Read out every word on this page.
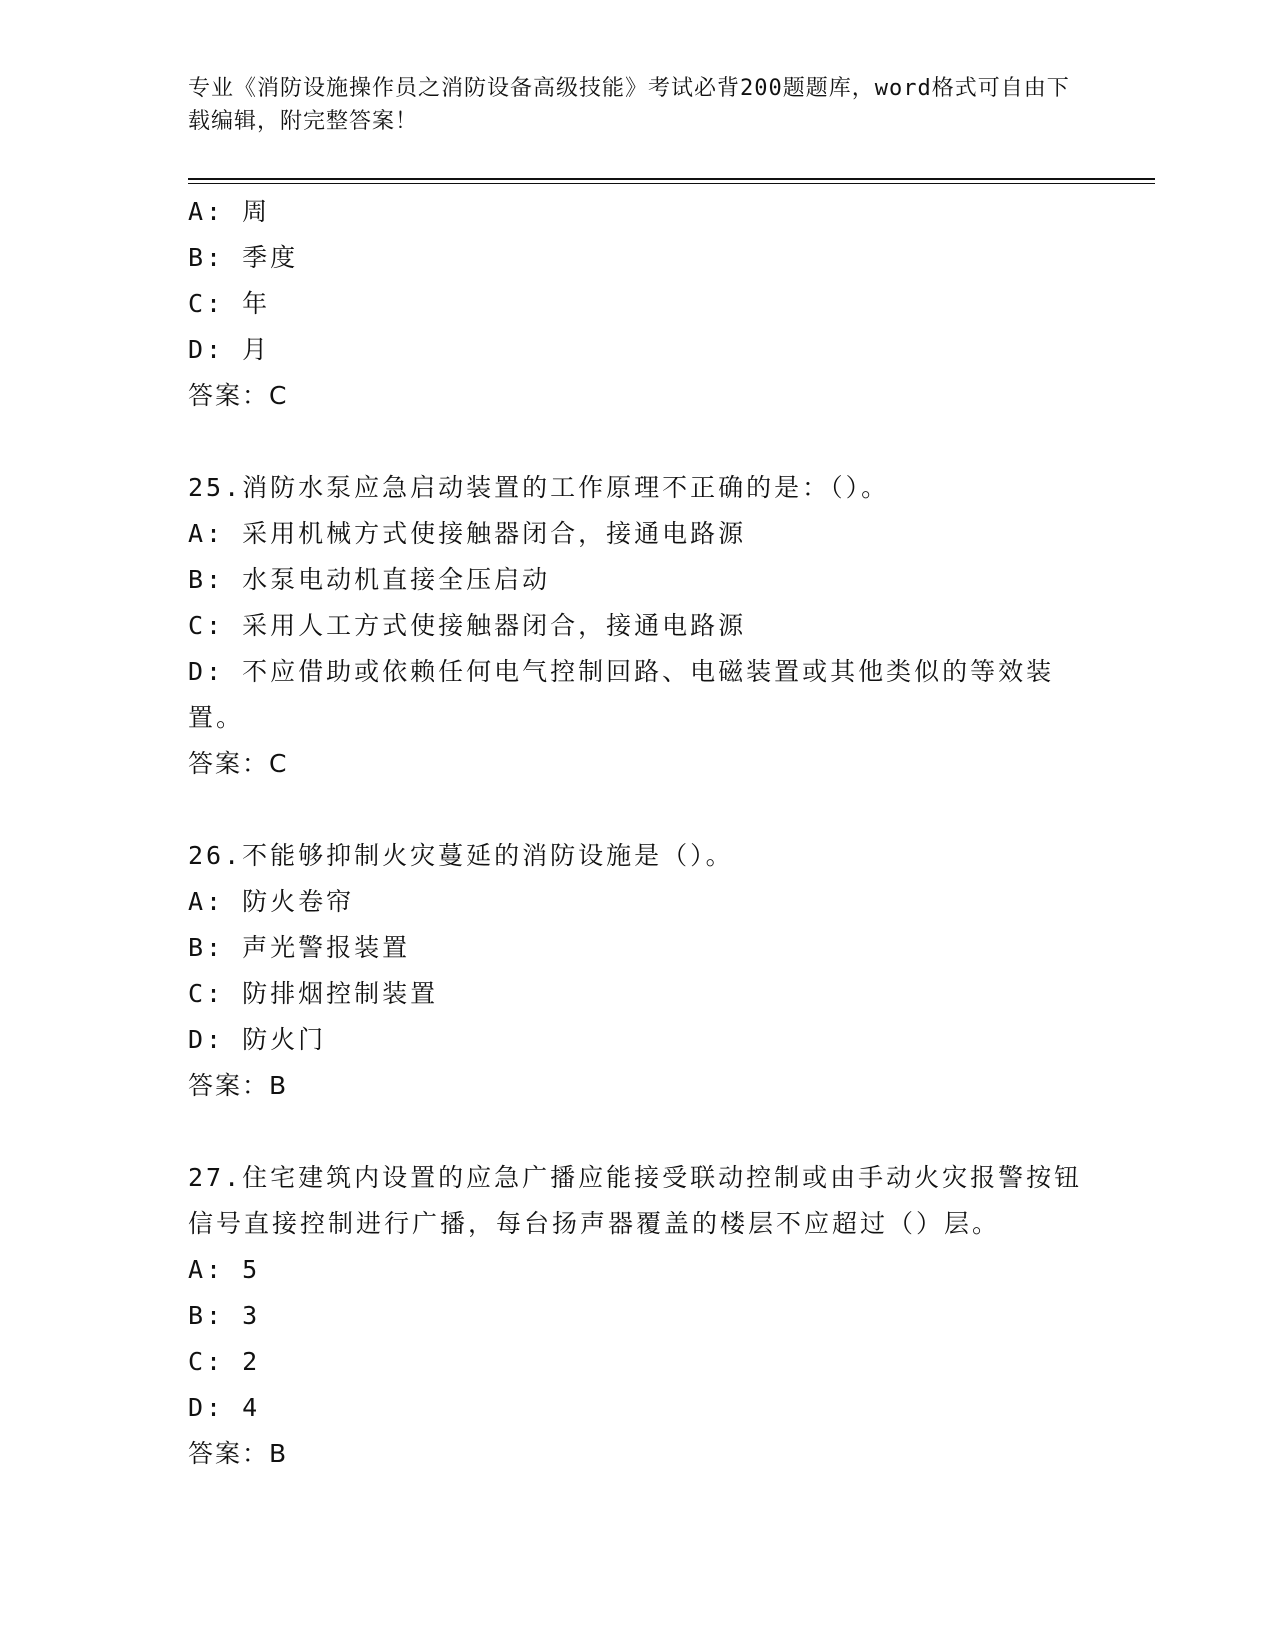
专业《消防设施操作员之消防设备高级技能》考试必背200题题库，word格式可自由下载编辑，附完整答案！
A: 周
B: 季度
C: 年
D: 月
答案：C
25.消防水泵应急启动装置的工作原理不正确的是：（）。
A: 采用机械方式使接触器闭合，接通电路源
B: 水泵电动机直接全压启动
C: 采用人工方式使接触器闭合，接通电路源
D: 不应借助或依赖任何电气控制回路、电磁装置或其他类似的等效装置。
答案：C
26.不能够抑制火灾蔓延的消防设施是（）。
A: 防火卷帘
B: 声光警报装置
C: 防排烟控制装置
D: 防火门
答案：B
27.住宅建筑内设置的应急广播应能接受联动控制或由手动火灾报警按钮信号直接控制进行广播，每台扬声器覆盖的楼层不应超过（）层。
A: 5
B: 3
C: 2
D: 4
答案：B
